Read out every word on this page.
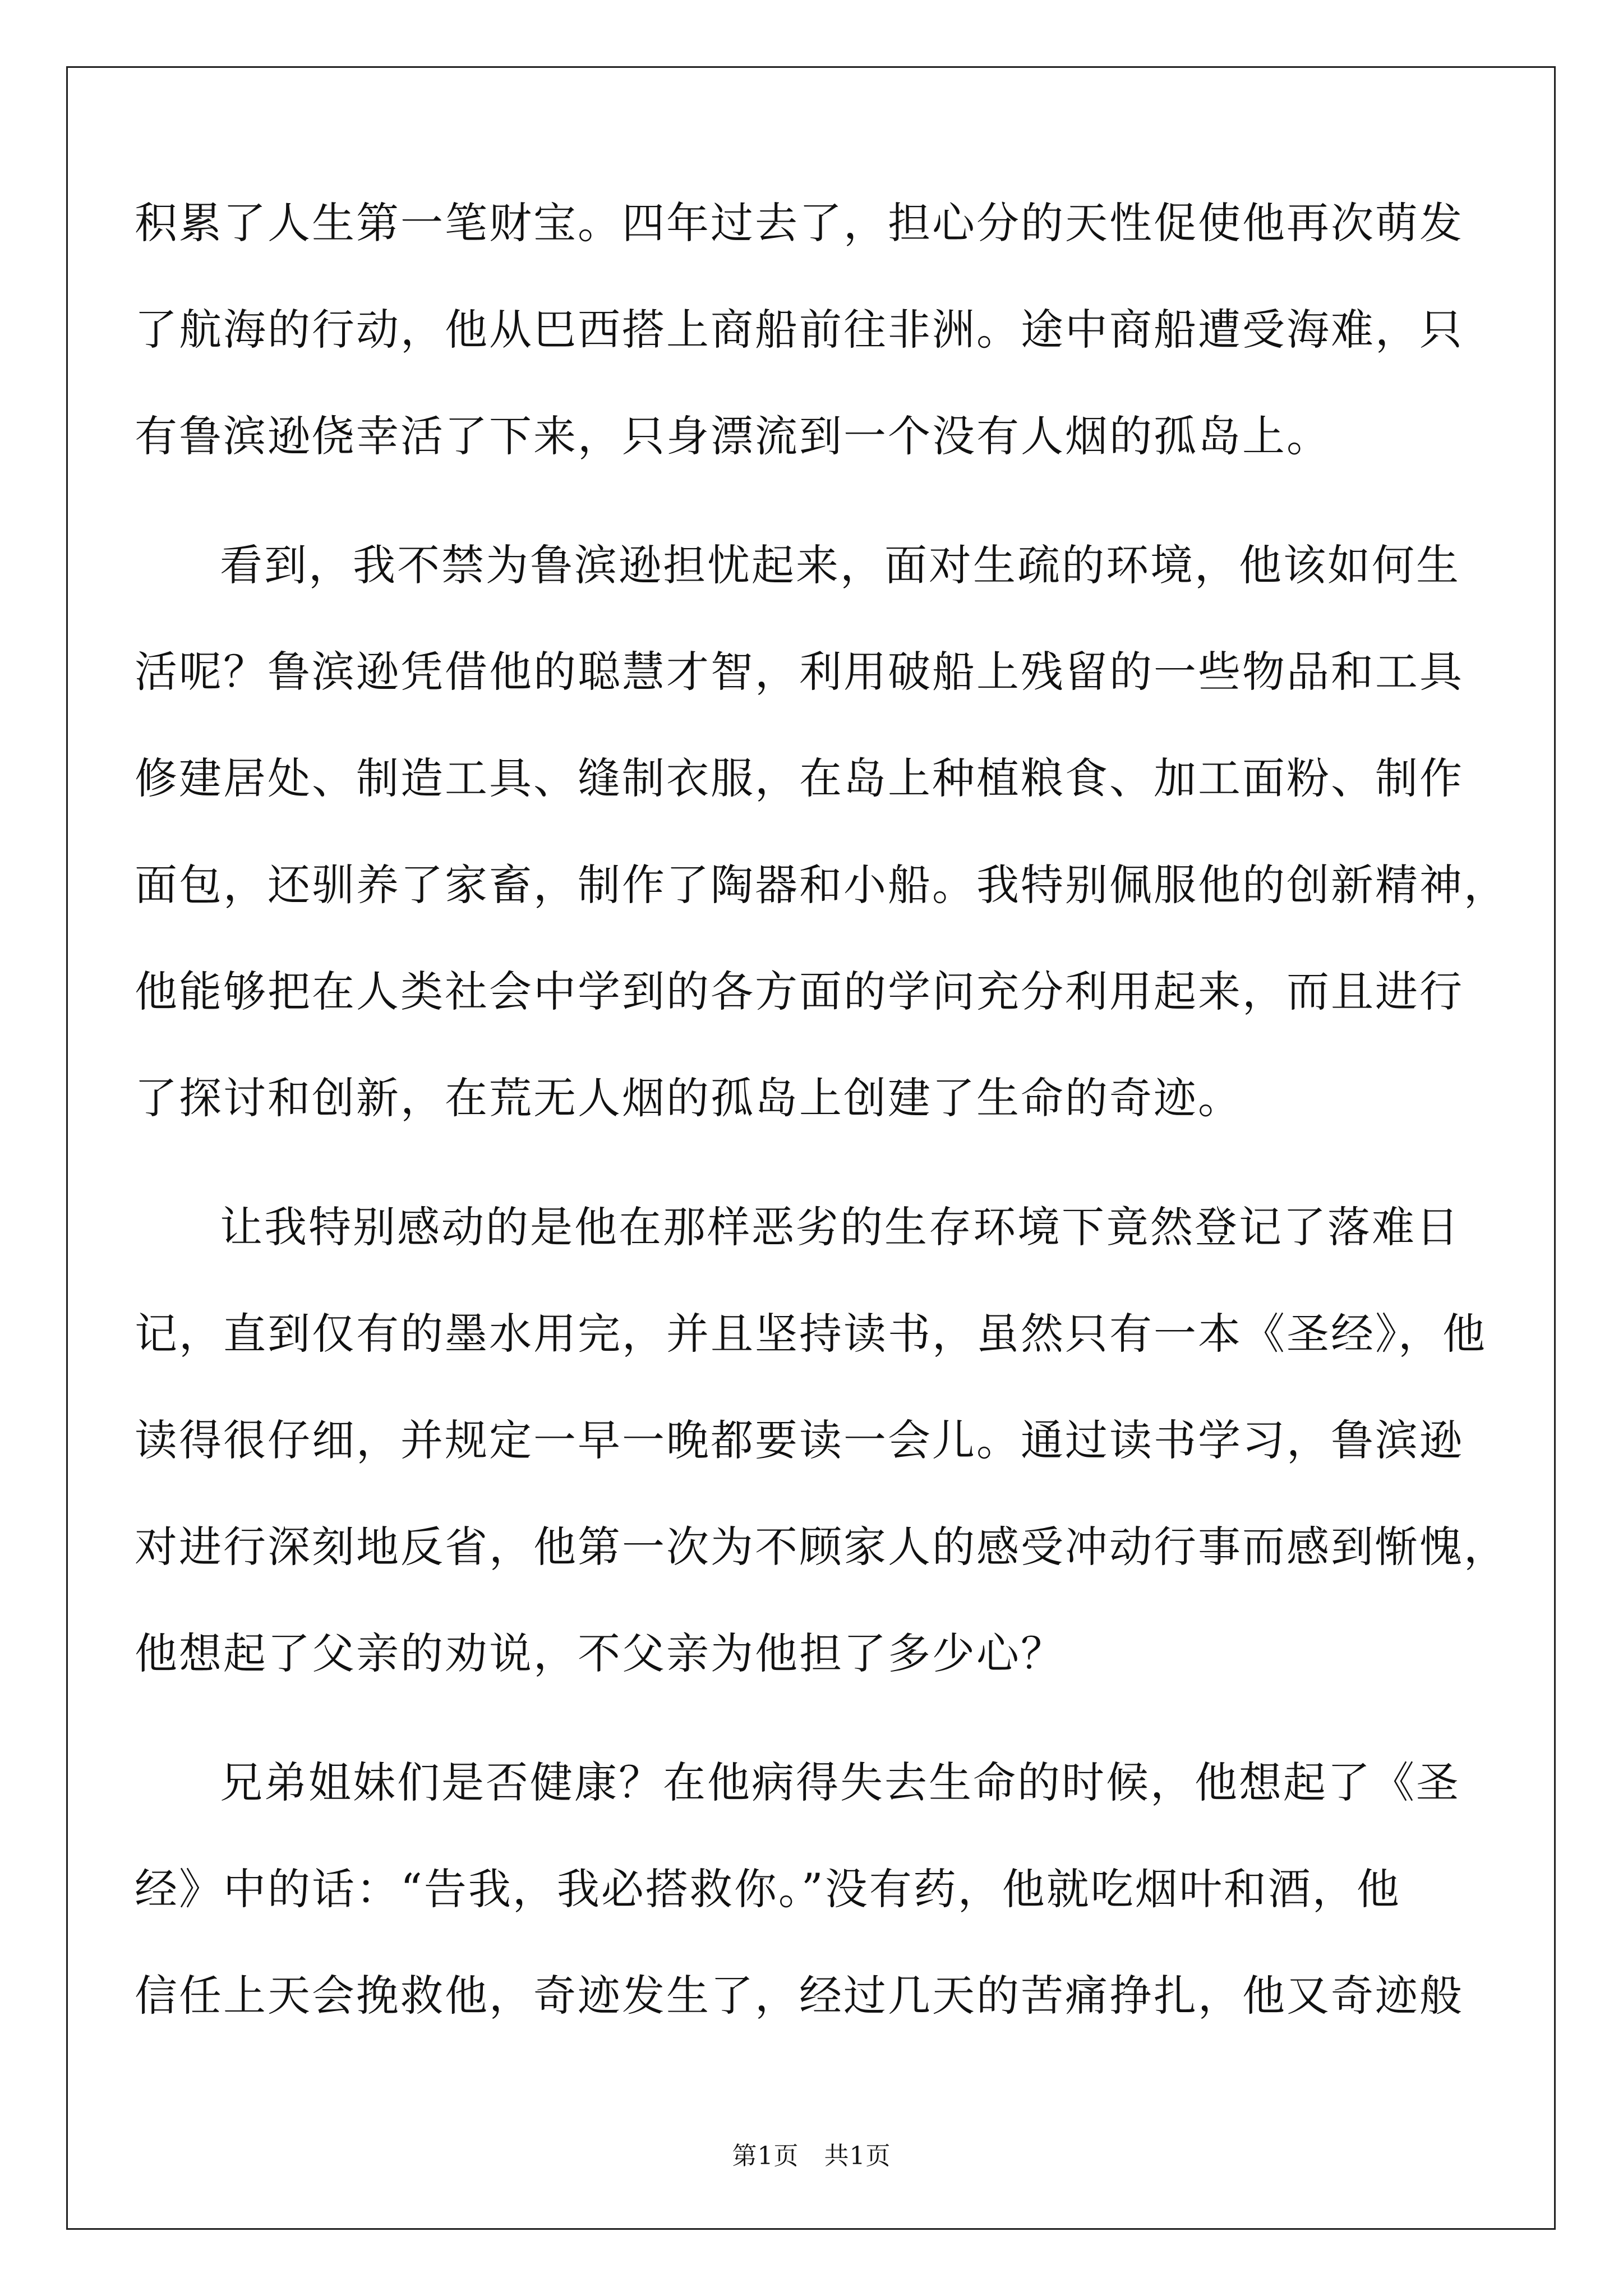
积累了人生第一笔财宝。四年过去了，担心分的天性促使他再次萌发
了航海的行动，他从巴西搭上商船前往非洲。途中商船遭受海难，只
有鲁滨逊侥幸活了下来，只身漂流到一个没有人烟的孤岛上。
看到，我不禁为鲁滨逊担忧起来，面对生疏的环境，他该如何生
活呢？鲁滨逊凭借他的聪慧才智，利用破船上残留的一些物品和工具
修建居处、制造工具、缝制衣服，在岛上种植粮食、加工面粉、制作
面包，还驯养了家畜，制作了陶器和小船。我特别佩服他的创新精神，
他能够把在人类社会中学到的各方面的学问充分利用起来，而且进行
了探讨和创新，在荒无人烟的孤岛上创建了生命的奇迹。
让我特别感动的是他在那样恶劣的生存环境下竟然登记了落难日
记，直到仅有的墨水用完，并且坚持读书，虽然只有一本《圣经》，他
读得很仔细，并规定一早一晚都要读一会儿。通过读书学习，鲁滨逊
对进行深刻地反省，他第一次为不顾家人的感受冲动行事而感到惭愧，
他想起了父亲的劝说，不父亲为他担了多少心？
兄弟姐妹们是否健康？在他病得失去生命的时候，他想起了《圣
经》中的话：“告我，我必搭救你。”没有药，他就吃烟叶和酒，他
信任上天会挽救他，奇迹发生了，经过几天的苦痛挣扎，他又奇迹般
第1页　共1页
